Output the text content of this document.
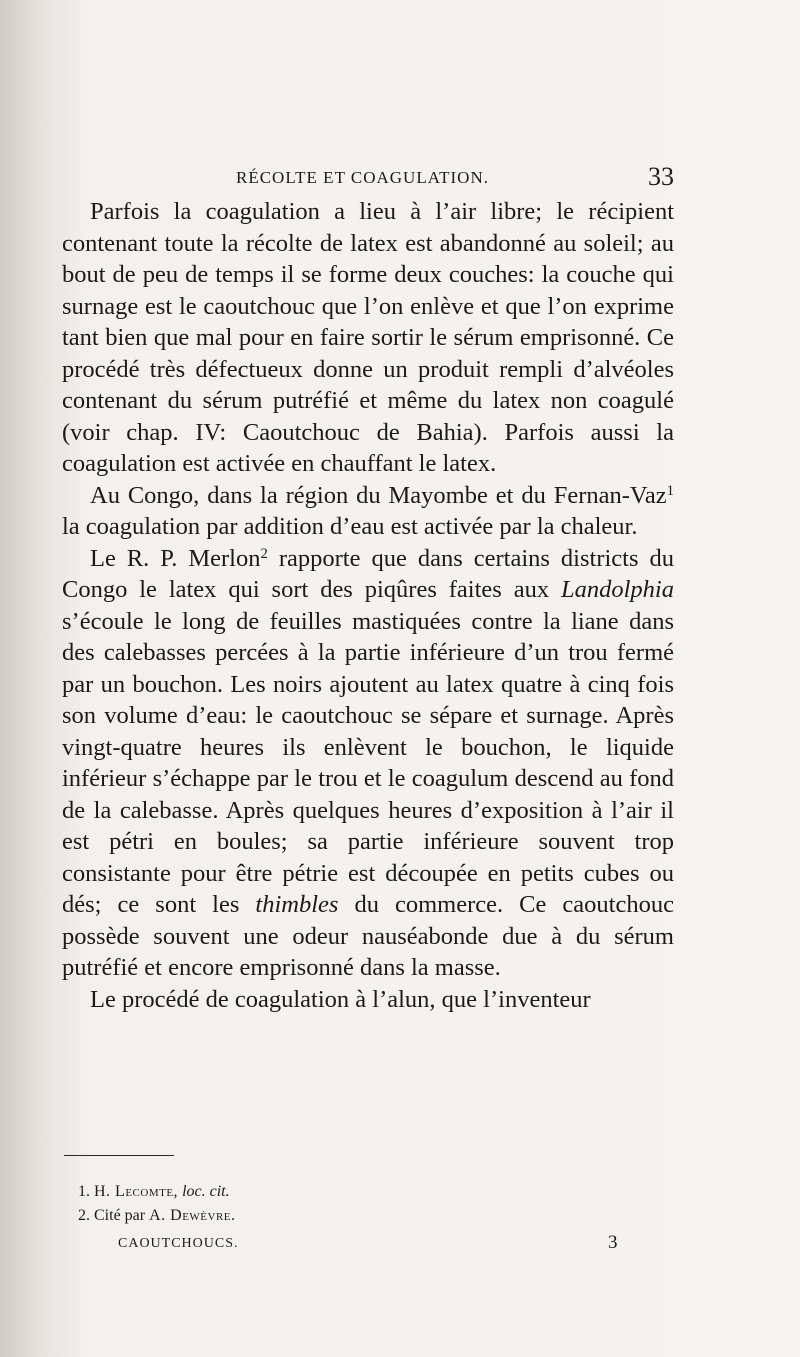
RÉCOLTE ET COAGULATION.	33

Parfois la coagulation a lieu à l’air libre; le récipient contenant toute la récolte de latex est abandonné au soleil; au bout de peu de temps il se forme deux couches: la couche qui surnage est le caoutchouc que l’on enlève et que l’on exprime tant bien que mal pour en faire sortir le sérum emprisonné. Ce procédé très défectueux donne un produit rempli d’alvéoles contenant du sérum putréfié et même du latex non coagulé (voir chap. IV: Caoutchouc de Bahia). Parfois aussi la coagulation est activée en chauffant le latex.

Au Congo, dans la région du Mayombe et du Fernan-Vaz$^1$ la coagulation par addition d’eau est activée par la chaleur.

Le R. P. Merlon$^2$ rapporte que dans certains districts du Congo le latex qui sort des piqûres faites aux Landolphia s’écoule le long de feuilles mastiquées contre la liane dans des calebasses percées à la partie inférieure d’un trou fermé par un bouchon. Les noirs ajoutent au latex quatre à cinq fois son volume d’eau: le caoutchouc se sépare et surnage. Après vingt-quatre heures ils enlèvent le bouchon, le liquide inférieur s’échappe par le trou et le coagulum descend au fond de la calebasse. Après quelques heures d’exposition à l’air il est pétri en boules; sa partie inférieure souvent trop consistante pour être pétrie est découpée en petits cubes ou dés; ce sont les thimbles du commerce. Ce caoutchouc possède souvent une odeur nauséabonde due à du sérum putréfié et encore emprisonné dans la masse.

Le procédé de coagulation à l’alun, que l’inventeur

1. H. Lecomte, loc. cit.
2. Cité par A. Dewèvre.
CAOUTCHOUCS.	3
